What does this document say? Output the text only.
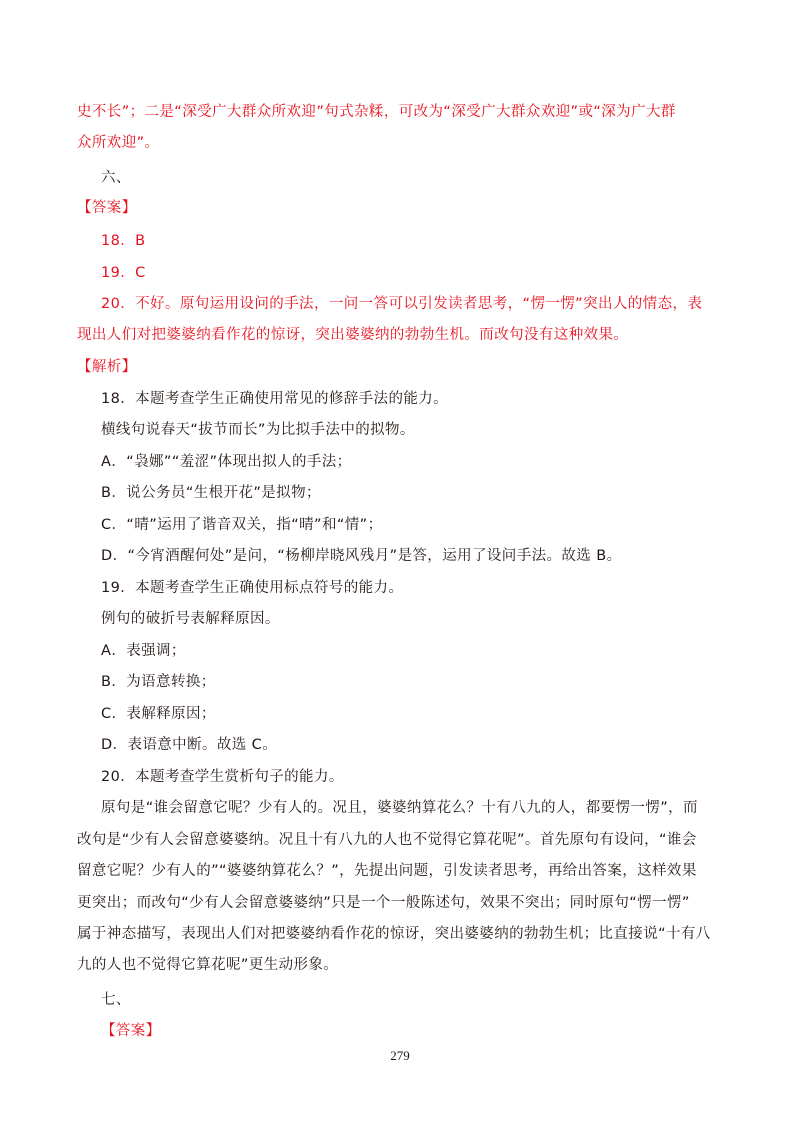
史不长”；二是“深受广大群众所欢迎”句式杂糅，可改为“深受广大群众欢迎”或“深为广大群
众所欢迎”。
六、
【答案】
18．B
19．C
20．不好。原句运用设问的手法，一问一答可以引发读者思考，“愣一愣”突出人的情态，表
现出人们对把婆婆纳看作花的惊讶，突出婆婆纳的勃勃生机。而改句没有这种效果。
【解析】
18．本题考查学生正确使用常见的修辞手法的能力。
横线句说春天“拔节而长”为比拟手法中的拟物。
A．“袅娜”“羞涩”体现出拟人的手法；
B．说公务员“生根开花”是拟物；
C．“晴”运用了谐音双关，指“晴”和“情”；
D．“今宵酒醒何处”是问，“杨柳岸晓风残月”是答，运用了设问手法。故选 B。
19．本题考查学生正确使用标点符号的能力。
例句的破折号表解释原因。
A．表强调；
B．为语意转换；
C．表解释原因；
D．表语意中断。故选 C。
20．本题考查学生赏析句子的能力。
原句是“谁会留意它呢？少有人的。况且，婆婆纳算花么？十有八九的人，都要愣一愣”，而
改句是“少有人会留意婆婆纳。况且十有八九的人也不觉得它算花呢”。首先原句有设问，“谁会
留意它呢？少有人的”“婆婆纳算花么？”，先提出问题，引发读者思考，再给出答案，这样效果
更突出；而改句“少有人会留意婆婆纳”只是一个一般陈述句，效果不突出；同时原句“愣一愣”
属于神态描写，表现出人们对把婆婆纳看作花的惊讶，突出婆婆纳的勃勃生机；比直接说“十有八
九的人也不觉得它算花呢”更生动形象。
七、
【答案】
279
